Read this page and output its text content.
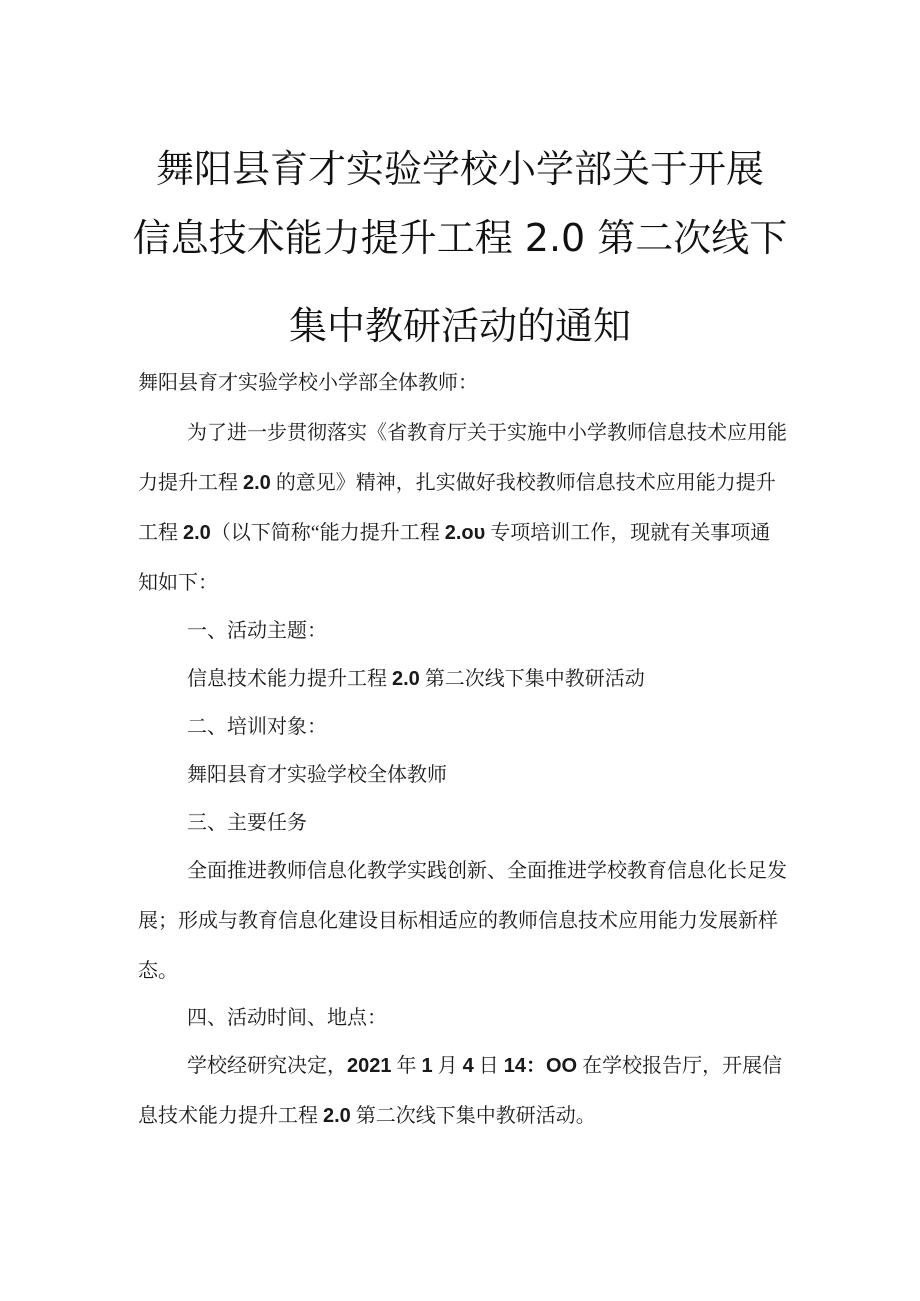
舞阳县育才实验学校小学部关于开展
信息技术能力提升工程 2.0 第二次线下
集中教研活动的通知
舞阳县育才实验学校小学部全体教师：
为了进一步贯彻落实《省教育厅关于实施中小学教师信息技术应用能
力提升工程 2.0 的意见》精神，扎实做好我校教师信息技术应用能力提升
工程 2.0（以下简称“能力提升工程 2.oυ 专项培训工作，现就有关事项通
知如下：
一、活动主题：
信息技术能力提升工程 2.0 第二次线下集中教研活动
二、培训对象：
舞阳县育才实验学校全体教师
三、主要任务
全面推进教师信息化教学实践创新、全面推进学校教育信息化长足发
展；形成与教育信息化建设目标相适应的教师信息技术应用能力发展新样
态。
四、活动时间、地点：
学校经研究决定，2021 年 1 月 4 日 14：OO 在学校报告厅，开展信
息技术能力提升工程 2.0 第二次线下集中教研活动。
